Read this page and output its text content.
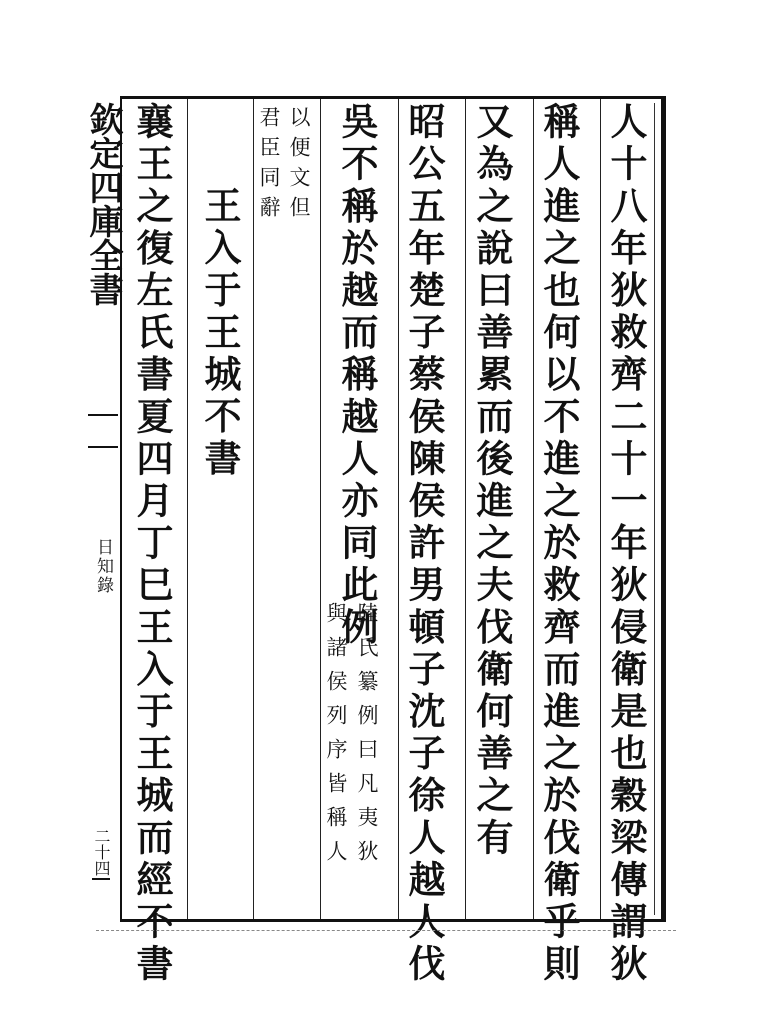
欽定四庫全書
日知錄
二十四	人十八年狄救齊二十一年狄侵衛是也穀梁傳謂狄
稱人進之也何以不進之於救齊而進之於伐衛乎則
又為之說曰善累而後進之夫伐衛何善之有
昭公五年楚子蔡侯陳侯許男頓子沈子徐人越人伐
吳不稱於越而稱越人亦同此例
陸氏纂例曰凡夷狄
與諸侯列序皆稱人
以便文但
君臣同辭
王入于王城不書
襄王之復左氏書夏四月丁巳王入于王城而經不書
